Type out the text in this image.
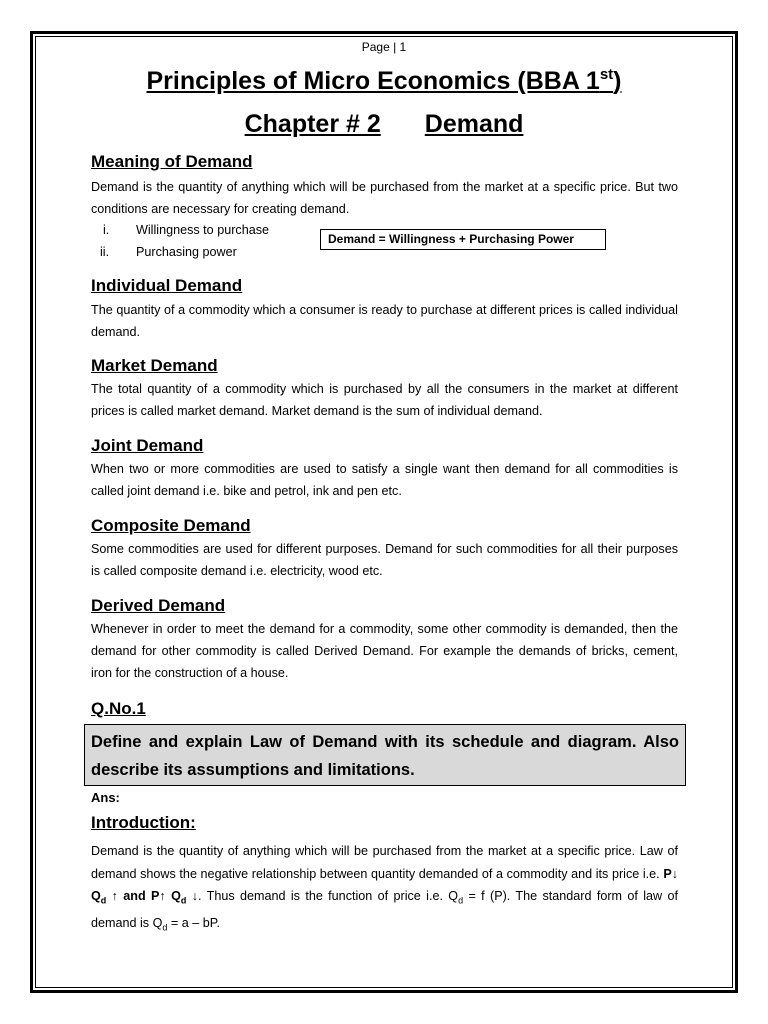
Page | 1
Principles of Micro Economics (BBA 1st)
Chapter # 2 Demand
Meaning of Demand
Demand is the quantity of anything which will be purchased from the market at a specific price. But two conditions are necessary for creating demand.
i. Willingness to purchase
ii. Purchasing power
Demand = Willingness + Purchasing Power
Individual Demand
The quantity of a commodity which a consumer is ready to purchase at different prices is called individual demand.
Market Demand
The total quantity of a commodity which is purchased by all the consumers in the market at different prices is called market demand. Market demand is the sum of individual demand.
Joint Demand
When two or more commodities are used to satisfy a single want then demand for all commodities is called joint demand i.e. bike and petrol, ink and pen etc.
Composite Demand
Some commodities are used for different purposes. Demand for such commodities for all their purposes is called composite demand i.e. electricity, wood etc.
Derived Demand
Whenever in order to meet the demand for a commodity, some other commodity is demanded, then the demand for other commodity is called Derived Demand. For example the demands of bricks, cement, iron for the construction of a house.
Q.No.1
Define and explain Law of Demand with its schedule and diagram. Also describe its assumptions and limitations.
Ans:
Introduction:
Demand is the quantity of anything which will be purchased from the market at a specific price. Law of demand shows the negative relationship between quantity demanded of a commodity and its price i.e. P↓ $Q_d$ ↑ and P↑ $Q_d$ ↓. Thus demand is the function of price i.e. $Q_d = f$ (P). The standard form of law of demand is $Q_d = a$ – bP.
